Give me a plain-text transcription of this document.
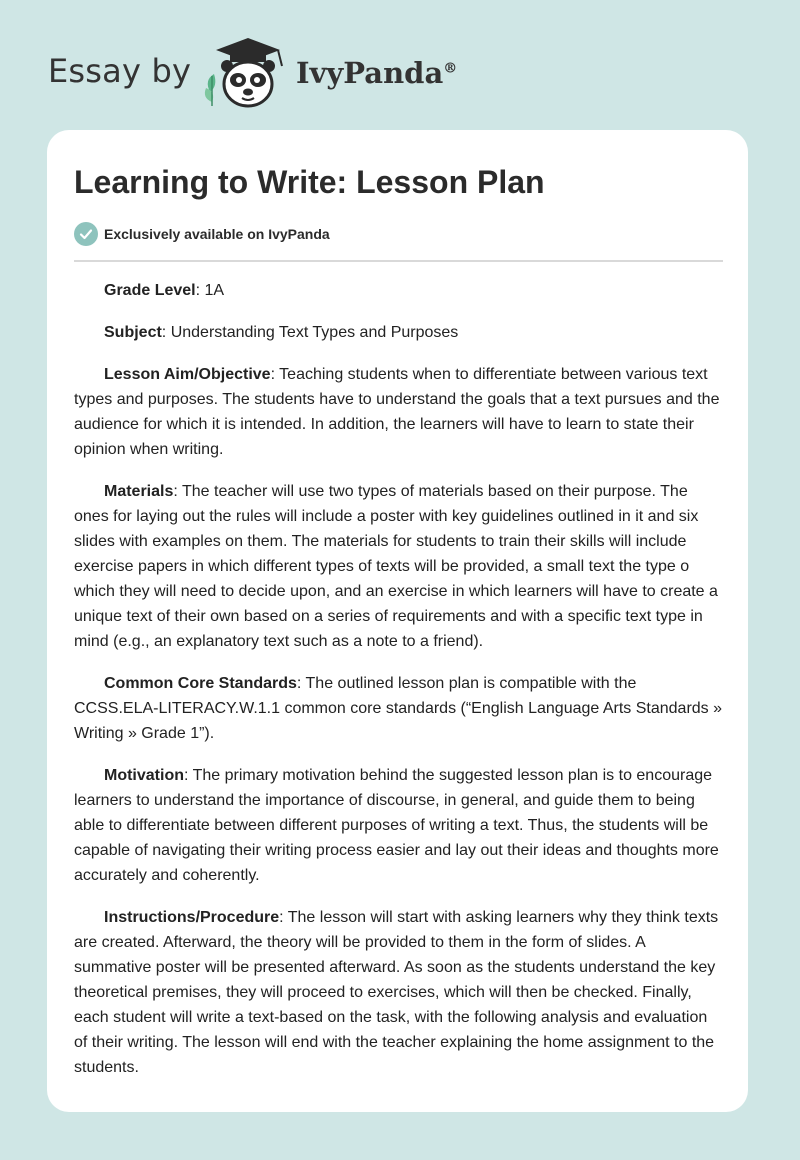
Essay by	IvyPanda®
Learning to Write: Lesson Plan
Exclusively available on IvyPanda

Grade Level: 1A

Subject: Understanding Text Types and Purposes

Lesson Aim/Objective: Teaching students when to differentiate between various text types and purposes. The students have to understand the goals that a text pursues and the audience for which it is intended. In addition, the learners will have to learn to state their opinion when writing.

Materials: The teacher will use two types of materials based on their purpose. The ones for laying out the rules will include a poster with key guidelines outlined in it and six slides with examples on them. The materials for students to train their skills will include exercise papers in which different types of texts will be provided, a small text the type o which they will need to decide upon, and an exercise in which learners will have to create a unique text of their own based on a series of requirements and with a specific text type in mind (e.g., an explanatory text such as a note to a friend).

Common Core Standards: The outlined lesson plan is compatible with the CCSS.ELA-LITERACY.W.1.1 common core standards (“English Language Arts Standards » Writing » Grade 1”).

Motivation: The primary motivation behind the suggested lesson plan is to encourage learners to understand the importance of discourse, in general, and guide them to being able to differentiate between different purposes of writing a text. Thus, the students will be capable of navigating their writing process easier and lay out their ideas and thoughts more accurately and coherently.

Instructions/Procedure: The lesson will start with asking learners why they think texts are created. Afterward, the theory will be provided to them in the form of slides. A summative poster will be presented afterward. As soon as the students understand the key theoretical premises, they will proceed to exercises, which will then be checked. Finally, each student will write a text-based on the task, with the following analysis and evaluation of their writing. The lesson will end with the teacher explaining the home assignment to the students.
